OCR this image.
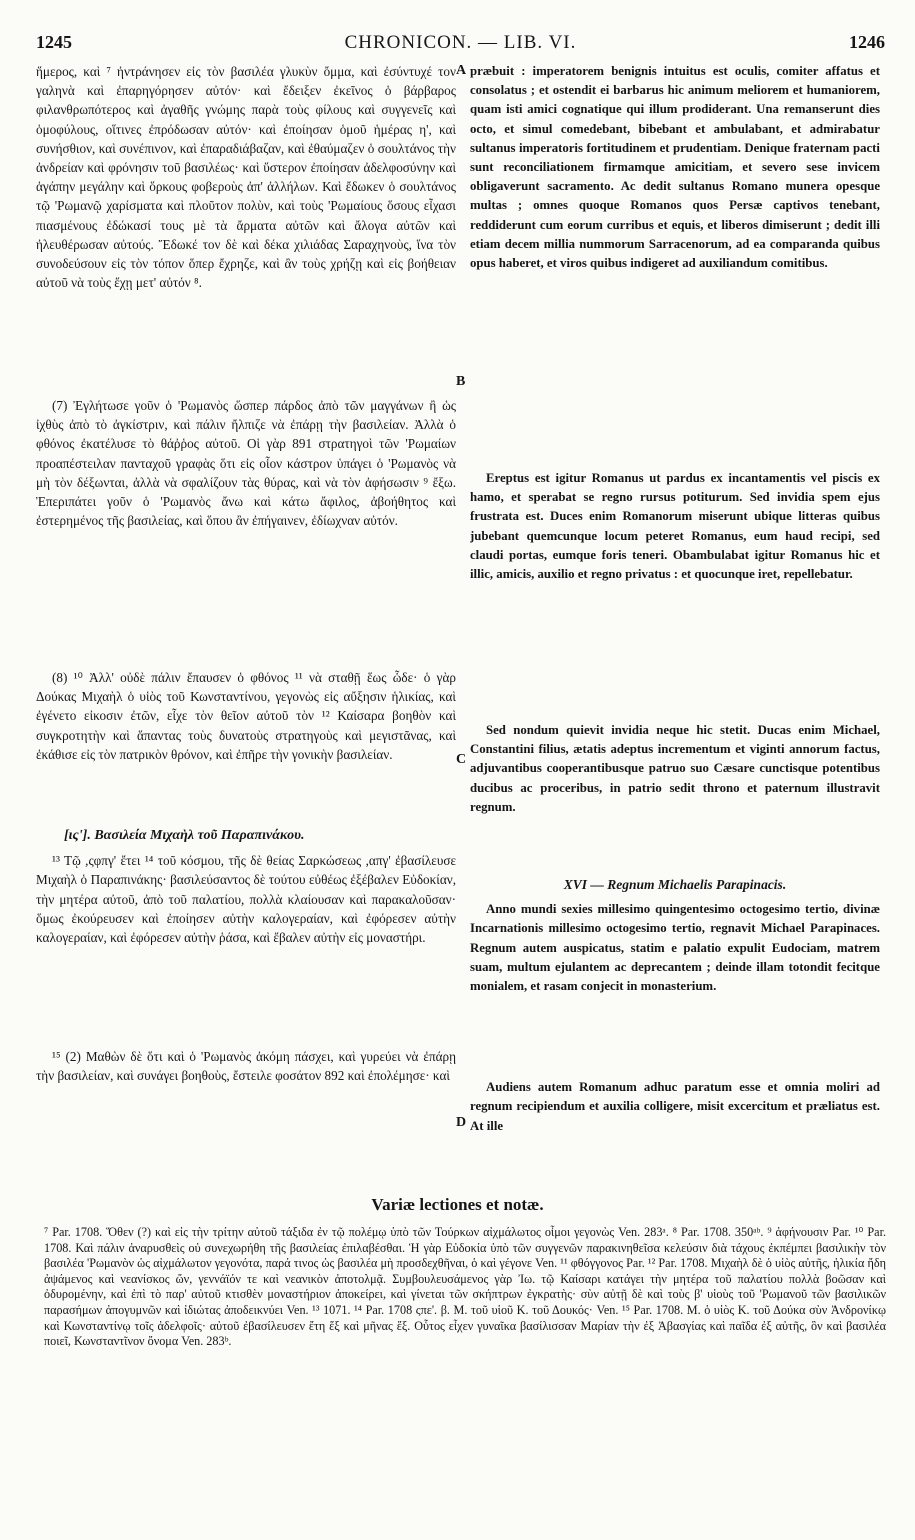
1245	CHRONICON. — LIB. VI.	1246

ἥμερος, καὶ ⁷ ἠντράνησεν εἰς τὸν βασιλέα γλυκὺν ὄμμα, καὶ ἐσύντυχέ τον γαληνὰ καὶ ἐπαρηγόρησεν αὐτόν· καὶ ἔδειξεν ἐκεῖνος ὁ βάρβαρος φιλανθρωπότερος καὶ ἀγαθῆς γνώμης παρὰ τοὺς φίλους καὶ συγγενεῖς καὶ ὁμοφύλους, οἵτινες ἐπρόδωσαν αὐτόν· καὶ ἐποίησαν ὁμοῦ ἡμέρας η', καὶ συνήσθιον, καὶ συνέπινον, καὶ ἐπαραδιάβαζαν, καὶ ἐθαύμαζεν ὁ σουλτάνος τὴν ἀνδρείαν καὶ φρόνησιν τοῦ βασιλέως· καὶ ὕστερον ἐποίησαν ἀδελφοσύνην καὶ ἀγάπην μεγάλην καὶ ὅρκους φοβεροὺς ἀπ' ἀλλήλων. Καὶ ἔδωκεν ὁ σουλτάνος τῷ 'Ρωμανῷ χαρίσματα καὶ πλοῦτον πολὺν, καὶ τοὺς 'Ρωμαίους ὅσους εἶχασι πιασμένους ἐδώκασί τους μὲ τὰ ἄρματα αὐτῶν καὶ ἄλογα αὐτῶν καὶ ἠλευθέρωσαν αὐτούς. Ἔδωκέ τον δὲ καὶ δέκα χιλιάδας Σαραχηνοὺς, ἵνα τὸν συνοδεύσουν εἰς τὸν τόπον ὅπερ ἔχρηζε, καὶ ἂν τοὺς χρήζῃ καὶ εἰς βοήθειαν αὐτοῦ νὰ τοὺς ἔχῃ μετ' αὐτόν ⁸.

(7) Ἐγλήτωσε γοῦν ὁ 'Ρωμανὸς ὥσπερ πάρδος ἀπὸ τῶν μαγγάνων ἢ ὡς ἰχθὺς ἀπὸ τὸ ἀγκίστριν, καὶ πάλιν ἤλπιζε νὰ ἐπάρῃ τὴν βασιλείαν. Ἀλλὰ ὁ φθόνος ἐκατέλυσε τὸ θάῤῥος αὐτοῦ. Οἱ γὰρ 891 στρατηγοὶ τῶν 'Ρωμαίων προαπέστειλαν πανταχοῦ γραφὰς ὅτι εἰς οἷον κάστρον ὑπάγει ὁ 'Ρωμανὸς νὰ μὴ τὸν δέξωνται, ἀλλὰ νὰ σφαλίζουν τὰς θύρας, καὶ νὰ τὸν ἀφήσωσιν ⁹ ἔξω. Ἐπεριπάτει γοῦν ὁ 'Ρωμανὸς ἄνω καὶ κάτω ἄφιλος, ἀβοήθητος καὶ ἐστερημένος τῆς βασιλείας, καὶ ὅπου ἂν ἐπήγαινεν, ἐδίωχναν αὐτόν.

(8) ¹⁰ Ἀλλ' οὐδὲ πάλιν ἔπαυσεν ὁ φθόνος ¹¹ νὰ σταθῇ ἕως ὧδε· ὁ γὰρ Δούκας Μιχαὴλ ὁ υἱὸς τοῦ Κωνσταντίνου, γεγονὼς εἰς αὔξησιν ἡλικίας, καὶ ἐγένετο εἰκοσιν ἐτῶν, εἶχε τὸν θεῖον αὐτοῦ τὸν ¹² Καίσαρα βοηθὸν καὶ συγκροτητὴν καὶ ἅπαντας τοὺς δυνατοὺς στρατηγοὺς καὶ μεγιστᾶνας, καὶ ἐκάθισε εἰς τὸν πατρικὸν θρόνον, καὶ ἐπῆρε τὴν γονικὴν βασιλείαν.

[ις']. Βασιλεία Μιχαὴλ τοῦ Παραπινάκου.

¹³ Τῷ ,ςφπγ' ἔτει ¹⁴ τοῦ κόσμου, τῆς δὲ θείας Σαρκώσεως ,απγ' ἐβασίλευσε Μιχαὴλ ὁ Παραπινάκης· βασιλεύσαντος δὲ τούτου εὐθέως ἐξέβαλεν Εὐδοκίαν, τὴν μητέρα αὐτοῦ, ἀπὸ τοῦ παλατίου, πολλὰ κλαίουσαν καὶ παρακαλοῦσαν· ὅμως ἐκούρευσεν καὶ ἐποίησεν αὐτὴν καλογεραίαν, καὶ ἐφόρεσεν αὐτὴν καλογεραίαν, καὶ ἐφόρεσεν αὐτὴν ῥάσα, καὶ ἔβαλεν αὐτὴν εἰς μοναστήρι.

¹⁵ (2) Μαθὼν δὲ ὅτι καὶ ὁ 'Ρωμανὸς ἀκόμη πάσχει, καὶ γυρεύει νὰ ἐπάρῃ τὴν βασιλείαν, καὶ συνάγει βοηθοὺς, ἔστειλε φοσάτον 892 καὶ ἐπολέμησε· καὶ

A
B
C
D

præbuit : imperatorem benignis intuitus est oculis, comiter affatus et consolatus ; et ostendit ei barbarus hic animum meliorem et humaniorem, quam isti amici cognatique qui illum prodiderant. Una remanserunt dies octo, et simul comedebant, bibebant et ambulabant, et admirabatur sultanus imperatoris fortitudinem et prudentiam. Denique fraternam pacti sunt reconciliationem firmamque amicitiam, et severo sese invicem obligaverunt sacramento. Ac dedit sultanus Romano munera opesque multas ; omnes quoque Romanos quos Persæ captivos tenebant, reddiderunt cum eorum curribus et equis, et liberos dimiserunt ; dedit illi etiam decem millia nummorum Sarracenorum, ad ea comparanda quibus opus haberet, et viros quibus indigeret ad auxiliandum comitibus.

Ereptus est igitur Romanus ut pardus ex incantamentis vel piscis ex hamo, et sperabat se regno rursus potiturum. Sed invidia spem ejus frustrata est. Duces enim Romanorum miserunt ubique litteras quibus jubebant quemcunque locum peteret Romanus, eum haud recipi, sed claudi portas, eumque foris teneri. Obambulabat igitur Romanus hic et illic, amicis, auxilio et regno privatus : et quocunque iret, repellebatur.

Sed nondum quievit invidia neque hic stetit. Ducas enim Michael, Constantini filius, ætatis adeptus incrementum et viginti annorum factus, adjuvantibus cooperantibusque patruo suo Cæsare cunctisque potentibus ducibus ac proceribus, in patrio sedit throno et paternum illustravit regnum.

XVI — Regnum Michaelis Parapinacis.

Anno mundi sexies millesimo quingentesimo octogesimo tertio, divinæ Incarnationis millesimo octogesimo tertio, regnavit Michael Parapinaces. Regnum autem auspicatus, statim e palatio expulit Eudociam, matrem suam, multum ejulantem ac deprecantem ; deinde illam totondit fecitque monialem, et rasam conjecit in monasterium.

Audiens autem Romanum adhuc paratum esse et omnia moliri ad regnum recipiendum et auxilia colligere, misit excercitum et præliatus est. At ille

Variæ lectiones et notæ.

⁷ Par. 1708. Ὅθεν (?) καὶ εἰς τὴν τρίτην αὐτοῦ τάξιδα ἐν τῷ πολέμῳ ὑπὸ τῶν Τούρκων αἰχμάλωτος οἶμοι γεγονὼς Ven. 283ᵃ. ⁸ Par. 1708. 350ᵃᵇ. ⁹ ἀφήνουσιν Par. ¹⁰ Par. 1708. Καὶ πάλιν ἀναρυσθεὶς οὐ συνεχωρήθη τῆς βασιλείας ἐπιλαβέσθαι. Ἡ γὰρ Εὐδοκία ὑπὸ τῶν συγγενῶν παρακινηθεῖσα κελεύσιν διὰ τάχους ἐκπέμπει βασιλικὴν τὸν βασιλέα 'Ρωμανὸν ὡς αἰχμάλωτον γεγονότα, παρά τινος ὡς βασιλέα μὴ προσδεχθῆναι, ὁ καὶ γέγονε Ven. ¹¹ φθόγγονος Par. ¹² Par. 1708. Μιχαὴλ δὲ ὁ υἱὸς αὐτῆς, ἡλικία ἤδη ἀψάμενος καὶ νεανίσκος ὤν, γεννάϊόν τε καὶ νεανικὸν ἀποτολμᾷ. Συμβουλευσάμενος γὰρ Ἰω. τῷ Καίσαρι κατάγει τὴν μητέρα τοῦ παλατίου πολλὰ βοῶσαν καὶ ὀδυρομένην, καὶ ἐπὶ τὸ παρ' αὐτοῦ κτισθὲν μοναστήριον ἀποκείρει, καὶ γίνεται τῶν σκήπτρων ἐγκρατὴς· σὺν αὐτῇ δὲ καὶ τοὺς β' υἱοὺς τοῦ 'Ρωμανοῦ τῶν βασιλικῶν παρασήμων ἀπογυμνῶν καὶ ἰδιώτας ἀποδεικνύει Ven. ¹³ 1071. ¹⁴ Par. 1708 ςπε'. β. Μ. τοῦ υἱοῦ Κ. τοῦ Δουκός· Ven. ¹⁵ Par. 1708. Μ. ὁ υἱὸς Κ. τοῦ Δούκα σὺν Ἀνδρονίκῳ καὶ Κωνσταντίνῳ τοῖς ἀδελφοῖς· αὐτοῦ ἐβασίλευσεν ἔτη ἕξ καὶ μῆνας ἕξ. Οὗτος εἶχεν γυναῖκα βασίλισσαν Μαρίαν τὴν ἐξ Ἀβασγίας καὶ παῖδα ἐξ αὐτῆς, ὃν καὶ βασιλέα ποιεῖ, Κωνσταντῖνον ὄνομα Ven. 283ᵇ.
